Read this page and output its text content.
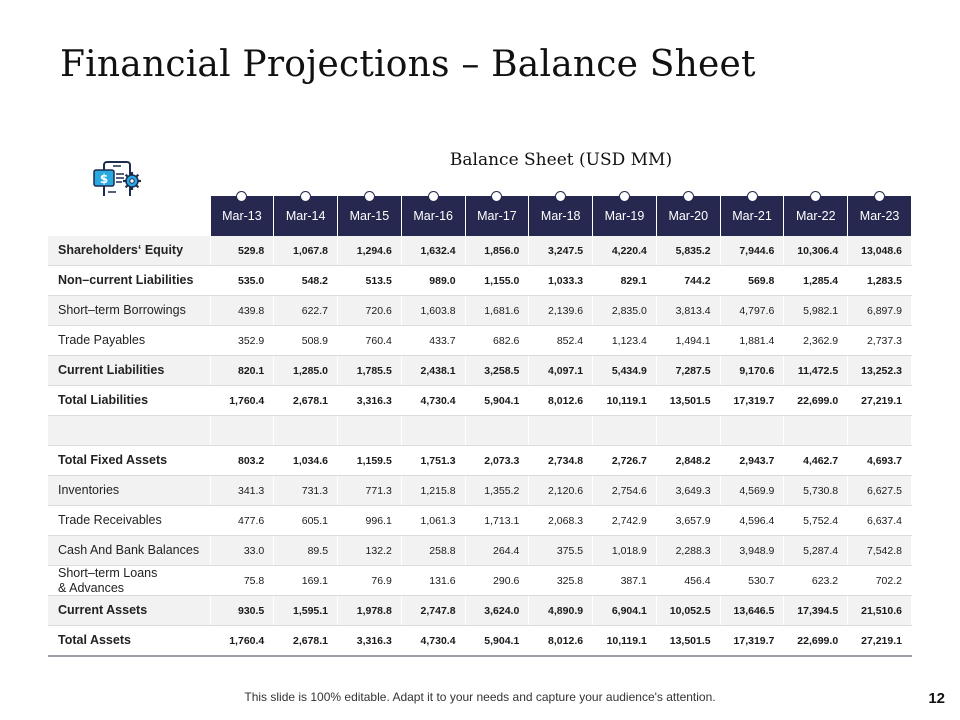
Financial Projections – Balance Sheet
$
Balance Sheet (USD MM)

Mar-13	Mar-14	Mar-15	Mar-16	Mar-17	Mar-18	Mar-19	Mar-20	Mar-21	Mar-22	Mar-23
Shareholders‘ Equity	529.8	1,067.8	1,294.6	1,632.4	1,856.0	3,247.5	4,220.4	5,835.2	7,944.6	10,306.4	13,048.6
Non–current Liabilities	535.0	548.2	513.5	989.0	1,155.0	1,033.3	829.1	744.2	569.8	1,285.4	1,283.5
Short–term Borrowings	439.8	622.7	720.6	1,603.8	1,681.6	2,139.6	2,835.0	3,813.4	4,797.6	5,982.1	6,897.9
Trade Payables	352.9	508.9	760.4	433.7	682.6	852.4	1,123.4	1,494.1	1,881.4	2,362.9	2,737.3
Current Liabilities	820.1	1,285.0	1,785.5	2,438.1	3,258.5	4,097.1	5,434.9	7,287.5	9,170.6	11,472.5	13,252.3
Total Liabilities	1,760.4	2,678.1	3,316.3	4,730.4	5,904.1	8,012.6	10,119.1	13,501.5	17,319.7	22,699.0	27,219.1

Total Fixed Assets	803.2	1,034.6	1,159.5	1,751.3	2,073.3	2,734.8	2,726.7	2,848.2	2,943.7	4,462.7	4,693.7
Inventories	341.3	731.3	771.3	1,215.8	1,355.2	2,120.6	2,754.6	3,649.3	4,569.9	5,730.8	6,627.5
Trade Receivables	477.6	605.1	996.1	1,061.3	1,713.1	2,068.3	2,742.9	3,657.9	4,596.4	5,752.4	6,637.4
Cash And Bank Balances	33.0	89.5	132.2	258.8	264.4	375.5	1,018.9	2,288.3	3,948.9	5,287.4	7,542.8
Short–term Loans
& Advances	75.8	169.1	76.9	131.6	290.6	325.8	387.1	456.4	530.7	623.2	702.2
Current Assets	930.5	1,595.1	1,978.8	2,747.8	3,624.0	4,890.9	6,904.1	10,052.5	13,646.5	17,394.5	21,510.6
Total Assets	1,760.4	2,678.1	3,316.3	4,730.4	5,904.1	8,012.6	10,119.1	13,501.5	17,319.7	22,699.0	27,219.1
This slide is 100% editable. Adapt it to your needs and capture your audience's attention.	12
